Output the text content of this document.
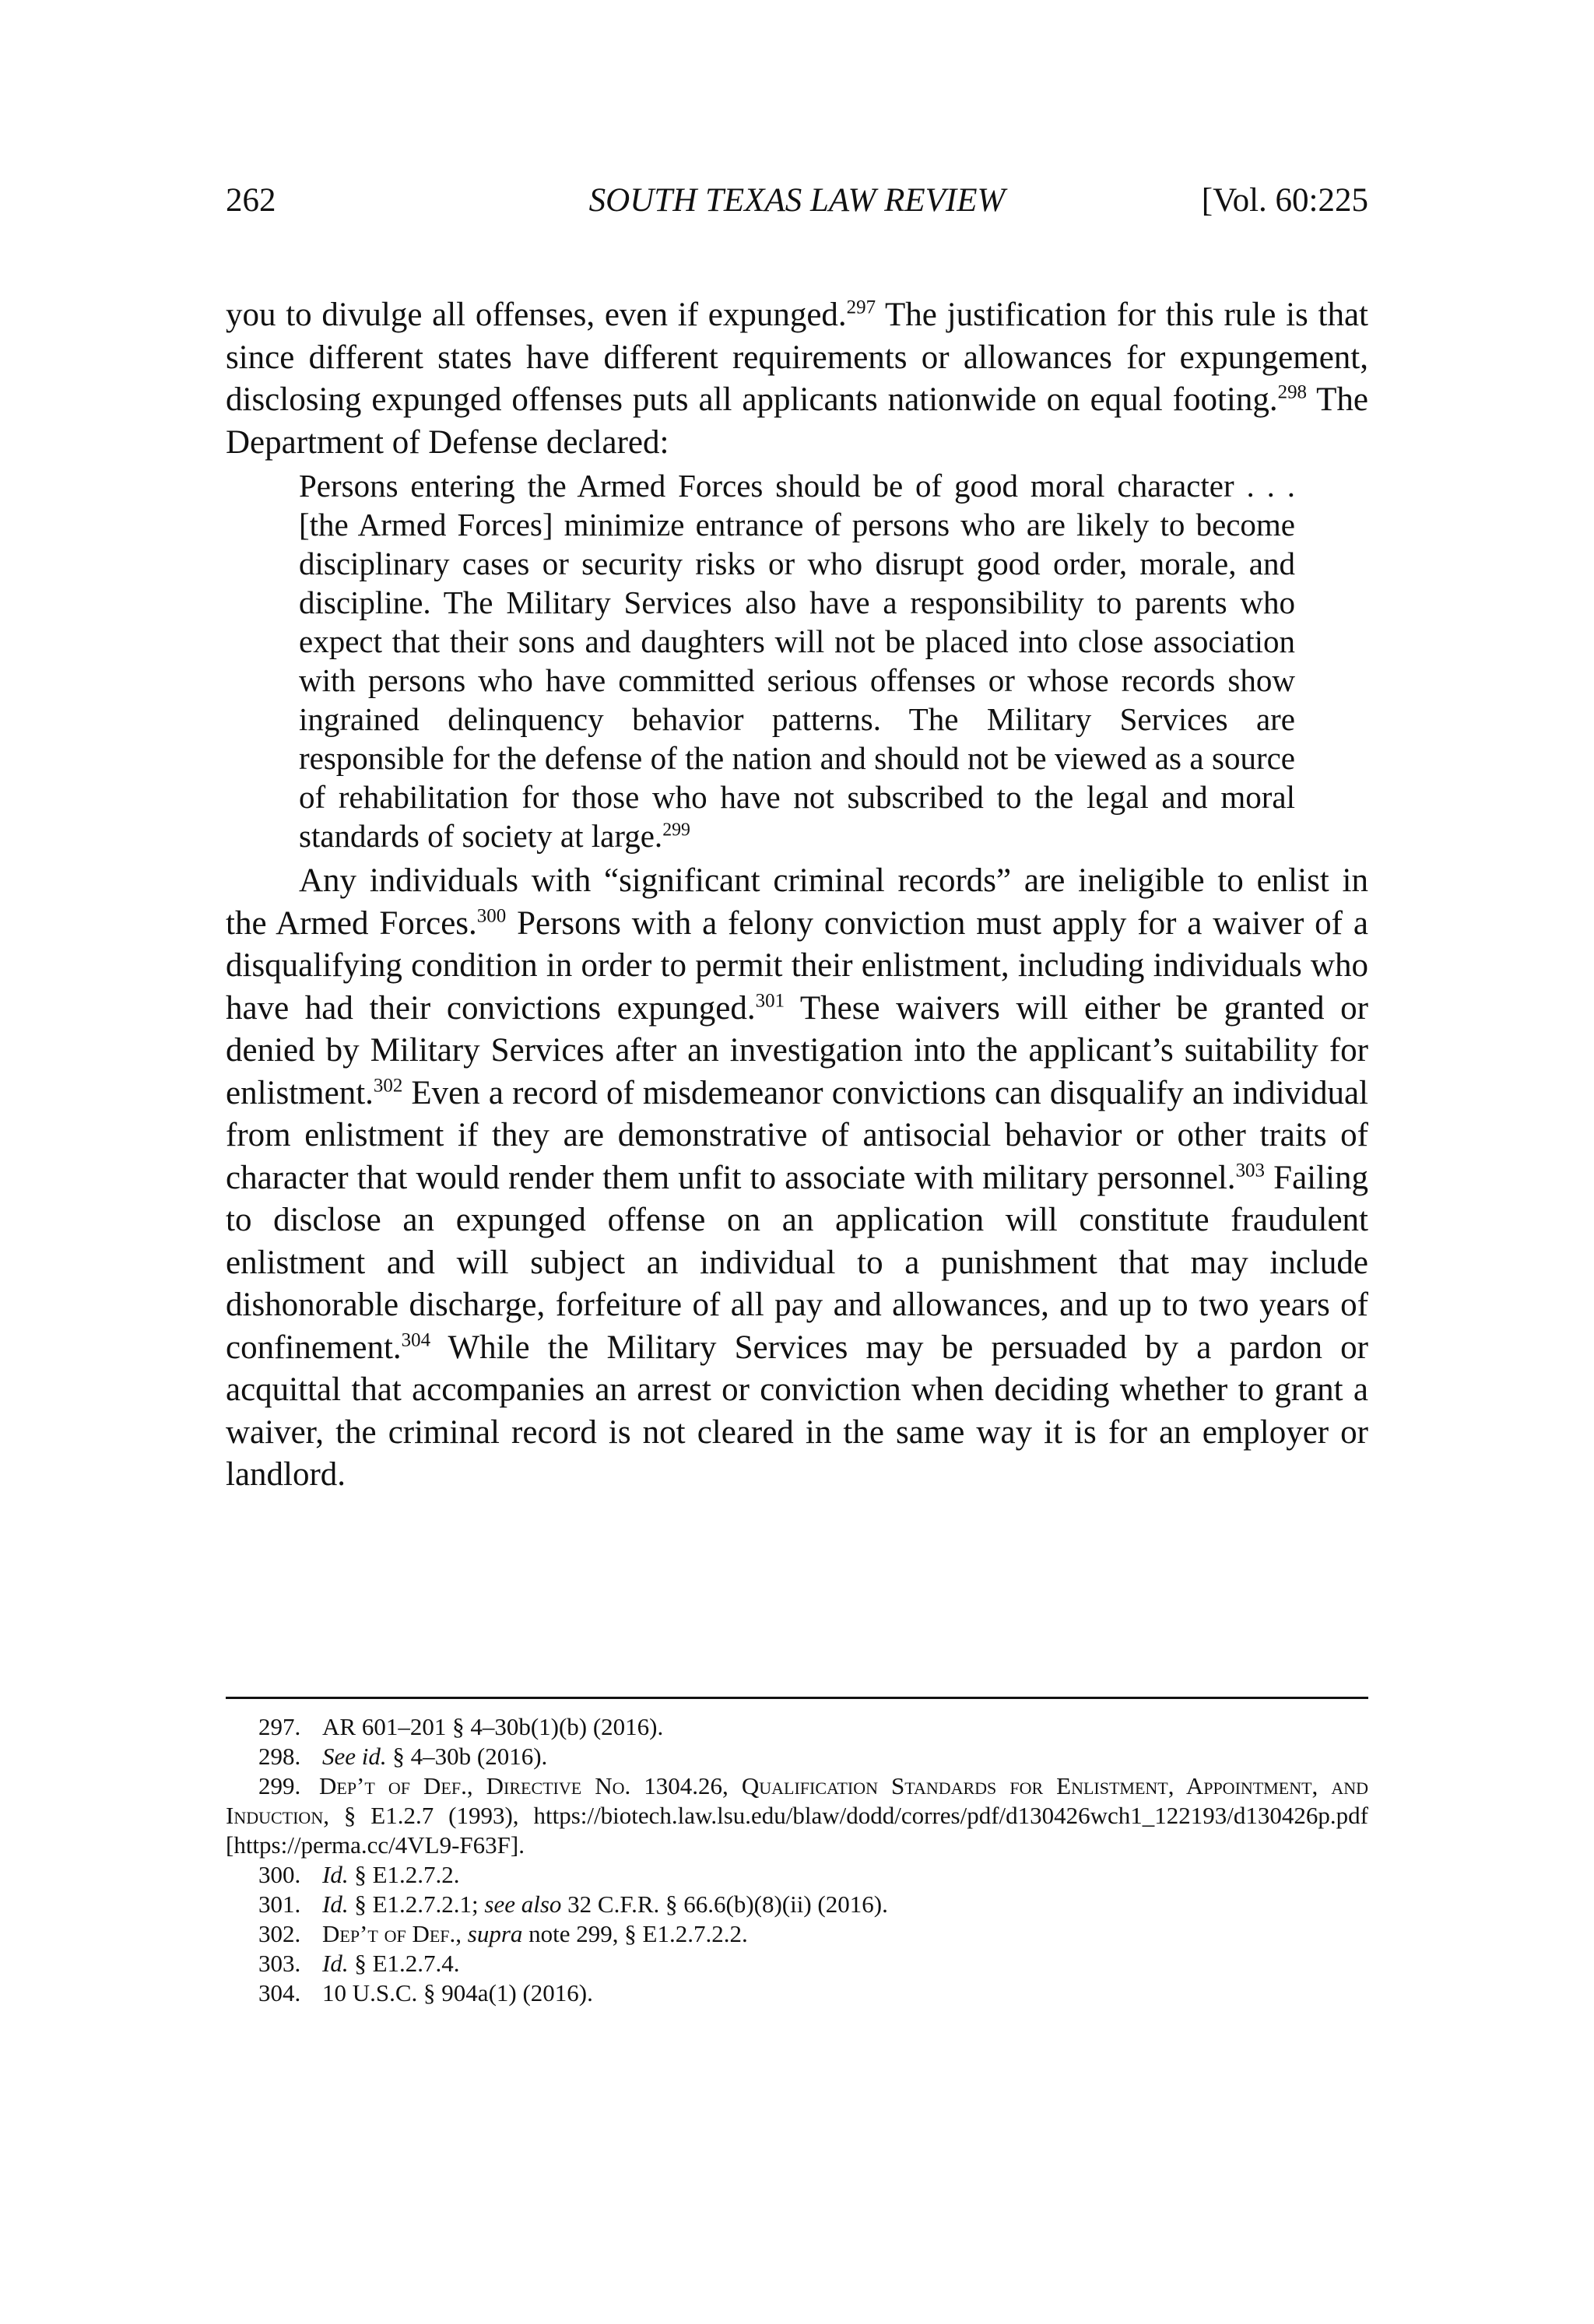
262	SOUTH TEXAS LAW REVIEW	[Vol. 60:225

you to divulge all offenses, even if expunged.$^{297}$ The justification for this rule is that since different states have different requirements or allowances for expungement, disclosing expunged offenses puts all applicants nationwide on equal footing.$^{298}$ The Department of Defense declared:

Persons entering the Armed Forces should be of good moral character . . . [the Armed Forces] minimize entrance of persons who are likely to become disciplinary cases or security risks or who disrupt good order, morale, and discipline. The Military Services also have a responsibility to parents who expect that their sons and daughters will not be placed into close association with persons who have committed serious offenses or whose records show ingrained delinquency behavior patterns. The Military Services are responsible for the defense of the nation and should not be viewed as a source of rehabilitation for those who have not subscribed to the legal and moral standards of society at large.$^{299}$

Any individuals with “significant criminal records” are ineligible to enlist in the Armed Forces.$^{300}$ Persons with a felony conviction must apply for a waiver of a disqualifying condition in order to permit their enlistment, including individuals who have had their convictions expunged.$^{301}$ These waivers will either be granted or denied by Military Services after an investigation into the applicant’s suitability for enlistment.$^{302}$ Even a record of misdemeanor convictions can disqualify an individual from enlistment if they are demonstrative of antisocial behavior or other traits of character that would render them unfit to associate with military personnel.$^{303}$ Failing to disclose an expunged offense on an application will constitute fraudulent enlistment and will subject an individual to a punishment that may include dishonorable discharge, forfeiture of all pay and allowances, and up to two years of confinement.$^{304}$ While the Military Services may be persuaded by a pardon or acquittal that accompanies an arrest or conviction when deciding whether to grant a waiver, the criminal record is not cleared in the same way it is for an employer or landlord.

297. AR 601–201 § 4–30b(1)(b) (2016).
298. See id. § 4–30b (2016).
299. Dep’t of Def., Directive No. 1304.26, Qualification Standards for Enlistment, Appointment, and Induction, § E1.2.7 (1993), https://biotech.law.lsu.edu/blaw/dodd/corres/pdf/d130426wch1_122193/d130426p.pdf [https://perma.cc/4VL9-F63F].
300. Id. § E1.2.7.2.
301. Id. § E1.2.7.2.1; see also 32 C.F.R. § 66.6(b)(8)(ii) (2016).
302. Dep’t of Def., supra note 299, § E1.2.7.2.2.
303. Id. § E1.2.7.4.
304. 10 U.S.C. § 904a(1) (2016).
